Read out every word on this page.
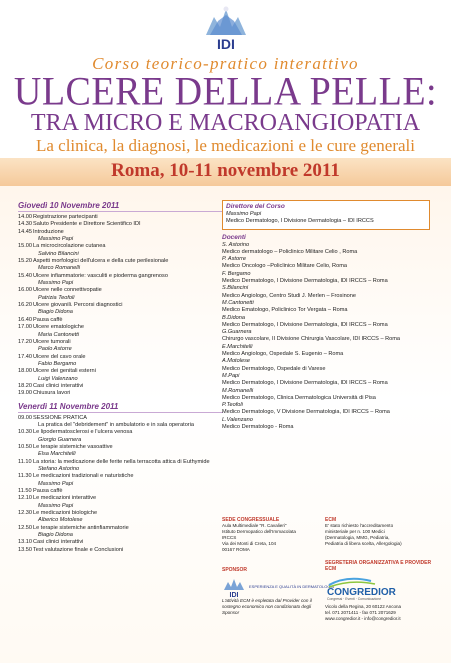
IDI
Corso teorico-pratico interattivo
ULCERE DELLA PELLE:
TRA MICRO E MACROANGIOPATIA
La clinica, la diagnosi, le medicazioni e le cure generali
Roma, 10-11 novembre 2011
Giovedì 10 Novembre 2011
14.00 Registrazione partecipanti
14.30 Saluto Presidente e Direttore Scientifico IDI
14.45 Introduzione
Massimo Papi
15.00 La microcircolazione cutanea
Salvino Bilancini
15.20 Aspetti morfologici dell'ulcera e della cute perilesionale
Marco Romanelli
15.40 Ulcere infiammatorie: vasculiti e pioderma gangrenoso
Massimo Papi
16.00 Ulcere nelle connettivopatie
Patrizia Teofoli
16.20 Ulcere giovanili. Percorsi diagnostici
Biagio Didona
16.40 Pausa caffè
17.00 Ulcere ematologiche
Maria Cantonetti
17.20 Ulcere tumorali
Paolo Astorre
17.40 Ulcere del cavo orale
Fabio Bergamo
18.00 Ulcere dei genitali esterni
Luigi Valenzano
18.20 Casi clinici interattivi
19.00 Chiusura lavori
Venerdì 11 Novembre 2011
09.00 SESSIONE PRATICA
La pratica del "debridement" in ambulatorio e in sala operatoria
10.30 Le lipodermatosclerosi e l'ulcera venosa
Giorgio Guarnera
10.50 Le terapie sistemiche vasoattive
Elsa Marchitelli
11.10 La storia: la medicazione delle ferite nella terracotta attica di Euthymide
Stefano Astorino
11.30 Le medicazioni tradizionali e naturistiche
Massimo Papi
11.50 Pausa caffè
12.10 Le medicazioni interattive
Massimo Papi
12.30 Le medicazioni biologiche
Alberico Motolese
12.50 Le terapie sistemiche antinfiammatorie
Biagio Didona
13.10 Casi clinici interattivi
13.50 Test valutazione finale e Conclusioni
Direttore del Corso
Massimo Papi
Medico Dermatologo, I Divisione Dermatologia – IDI IRCCS
Docenti
S. Astorino
Medico dermatologo – Policlinico Militare Celio , Roma
P. Astorre
Medico Oncologo –Policlinico Militare Celio, Roma
F. Bergamo
Medico Dermatologo, I Divisione Dermatologia, IDI IRCCS – Roma
S.Bilancini
Medico Angiologo, Centro Studi J. Merlen – Frosinone
M.Cantonetti
Medico Ematologo, Policlinico Tor Vergata – Roma
B.Didona
Medico Dermatologo, I Divisione Dermatologia, IDI IRCCS – Roma
G.Guarnera
Chirurgo vascolare, II Divisione Chirurgia Vascolare, IDI IRCCS – Roma
E.Marchitelli
Medico Angiologo, Ospedale S. Eugenio – Roma
A.Motolese
Medico Dermatologo, Ospedale di Varese
M.Papi
Medico Dermatologo, I Divisione Dermatologia, IDI IRCCS – Roma
M.Romanelli
Medico Dermatologo, Clinica Dermatologica Università di Pisa
P.Teofoli
Medico Dermatologo, V Divisione Dermatologia, IDI IRCCS – Roma
L.Valenzano
Medico Dermatologo - Roma
SEDE CONGRESSUALE
Aula Multimediale "R. Cavalieri"
Istituto Dermopatico dell'Immacolata
IRCCS
Via dei Monti di Creta, 104
00167 ROMA
ECM
E' stato richiesto l'accreditamento
ministeriale per n. 100 Medici
(Dermatologia, MMG, Pediatria,
Pediatria di libera scelta, Allergologia)
SPONSOR
IDI
ESPERIENZA E QUALITÀ IN DERMATOLOGIA
L'attività ECM è espletata dal Provider con il sostegno economico non condizionato degli Sponsor
SEGRETERIA ORGANIZZATIVA E PROVIDER ECM
CONGREDIOR
Congressi · Eventi · Comunicazione
Vicolo della Regina, 20 60122 Ancona
tel. 071 2071411 - fax 071 2071629
www.congredior.it - info@congredior.it
